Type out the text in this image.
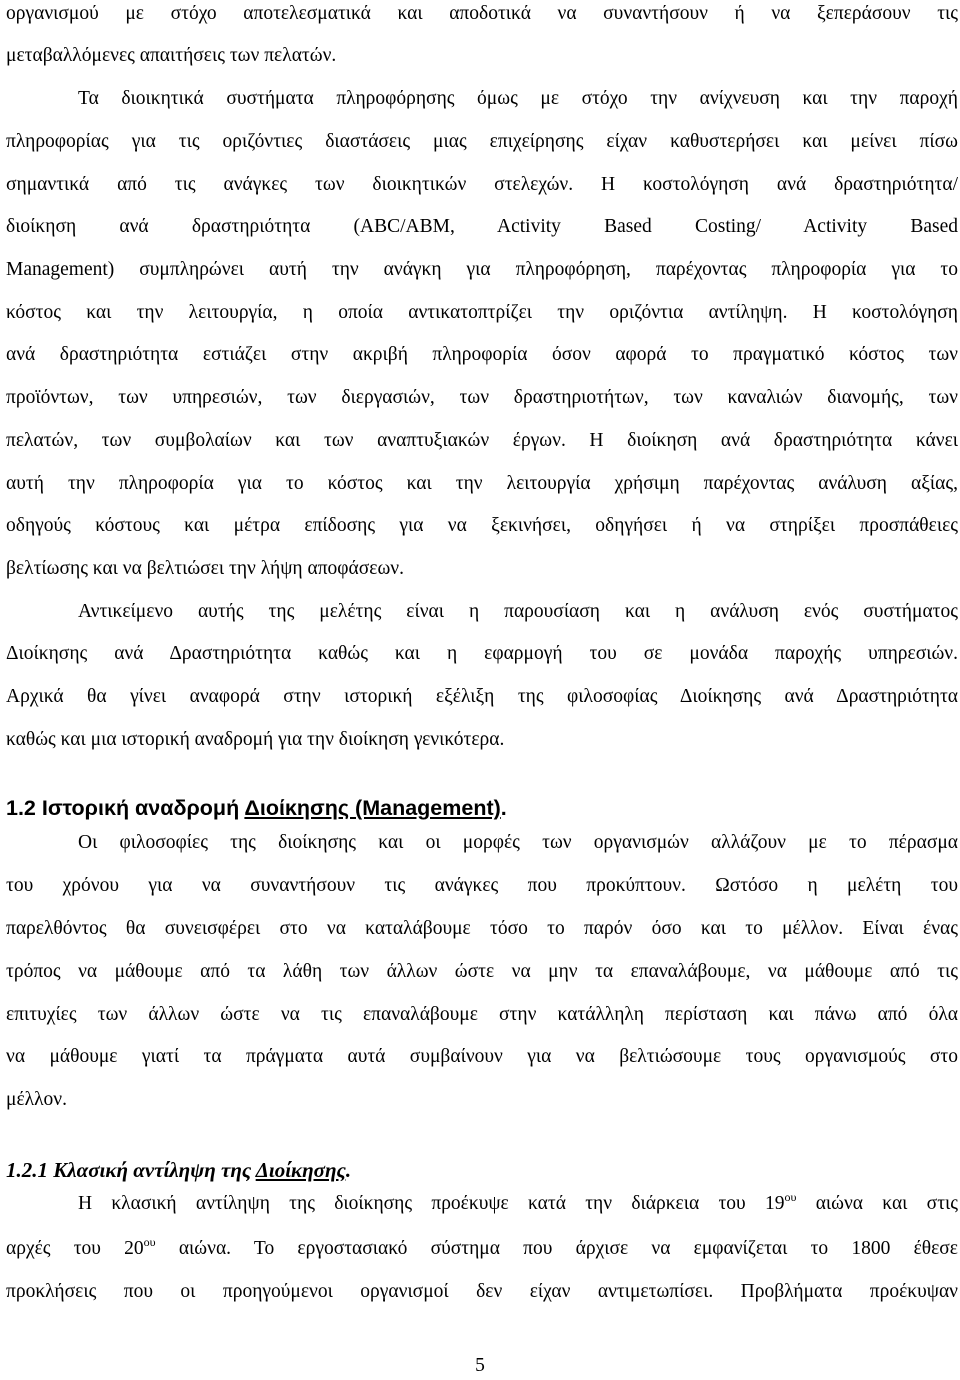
οργανισμού με στόχο αποτελεσματικά και αποδοτικά να συναντήσουν ή να ξεπεράσουν τις
μεταβαλλόμενες απαιτήσεις των πελατών.
Τα διοικητικά συστήματα πληροφόρησης όμως με στόχο την ανίχνευση και την παροχή
πληροφορίας για τις οριζόντιες διαστάσεις μιας επιχείρησης είχαν καθυστερήσει και μείνει πίσω
σημαντικά από τις ανάγκες των διοικητικών στελεχών. Η κοστολόγηση ανά δραστηριότητα/
διοίκηση ανά δραστηριότητα (ABC/ABM, Activity Based Costing/ Activity Based
Management) συμπληρώνει αυτή την ανάγκη για πληροφόρηση, παρέχοντας πληροφορία για το
κόστος και την λειτουργία, η οποία αντικατοπτρίζει την οριζόντια αντίληψη. Η κοστολόγηση
ανά δραστηριότητα εστιάζει στην ακριβή πληροφορία όσον αφορά το πραγματικό κόστος των
προϊόντων, των υπηρεσιών, των διεργασιών, των δραστηριοτήτων, των καναλιών διανομής, των
πελατών, των συμβολαίων και των αναπτυξιακών έργων. Η διοίκηση ανά δραστηριότητα κάνει
αυτή την πληροφορία για το κόστος και την λειτουργία χρήσιμη παρέχοντας ανάλυση αξίας,
οδηγούς κόστους και μέτρα επίδοσης για να ξεκινήσει, οδηγήσει ή να στηρίξει προσπάθειες
βελτίωσης και να βελτιώσει την λήψη αποφάσεων.
Αντικείμενο αυτής της μελέτης είναι η παρουσίαση και η ανάλυση ενός συστήματος
Διοίκησης ανά Δραστηριότητα καθώς και η εφαρμογή του σε μονάδα παροχής υπηρεσιών.
Αρχικά θα γίνει αναφορά στην ιστορική εξέλιξη της φιλοσοφίας Διοίκησης ανά Δραστηριότητα
καθώς και μια ιστορική αναδρομή για την διοίκηση γενικότερα.
1.2 Ιστορική αναδρομή Διοίκησης (Management).
Οι φιλοσοφίες της διοίκησης και οι μορφές των οργανισμών αλλάζουν με το πέρασμα
του χρόνου για να συναντήσουν τις ανάγκες που προκύπτουν. Ωστόσο η μελέτη του
παρελθόντος θα συνεισφέρει στο να καταλάβουμε τόσο το παρόν όσο και το μέλλον. Είναι ένας
τρόπος να μάθουμε από τα λάθη των άλλων ώστε να μην τα επαναλάβουμε, να μάθουμε από τις
επιτυχίες των άλλων ώστε να τις επαναλάβουμε στην κατάλληλη περίσταση και πάνω από όλα
να μάθουμε γιατί τα πράγματα αυτά συμβαίνουν για να βελτιώσουμε τους οργανισμούς στο
μέλλον.
1.2.1 Κλασική αντίληψη της Διοίκησης.
Η κλασική αντίληψη της διοίκησης προέκυψε κατά την διάρκεια του $19^{o\upsilon}$ αιώνα και στις
αρχές του $20^{o\upsilon}$ αιώνα. Το εργοστασιακό σύστημα που άρχισε να εμφανίζεται το 1800 έθεσε
προκλήσεις που οι προηγούμενοι οργανισμοί δεν είχαν αντιμετωπίσει. Προβλήματα προέκυψαν
5
